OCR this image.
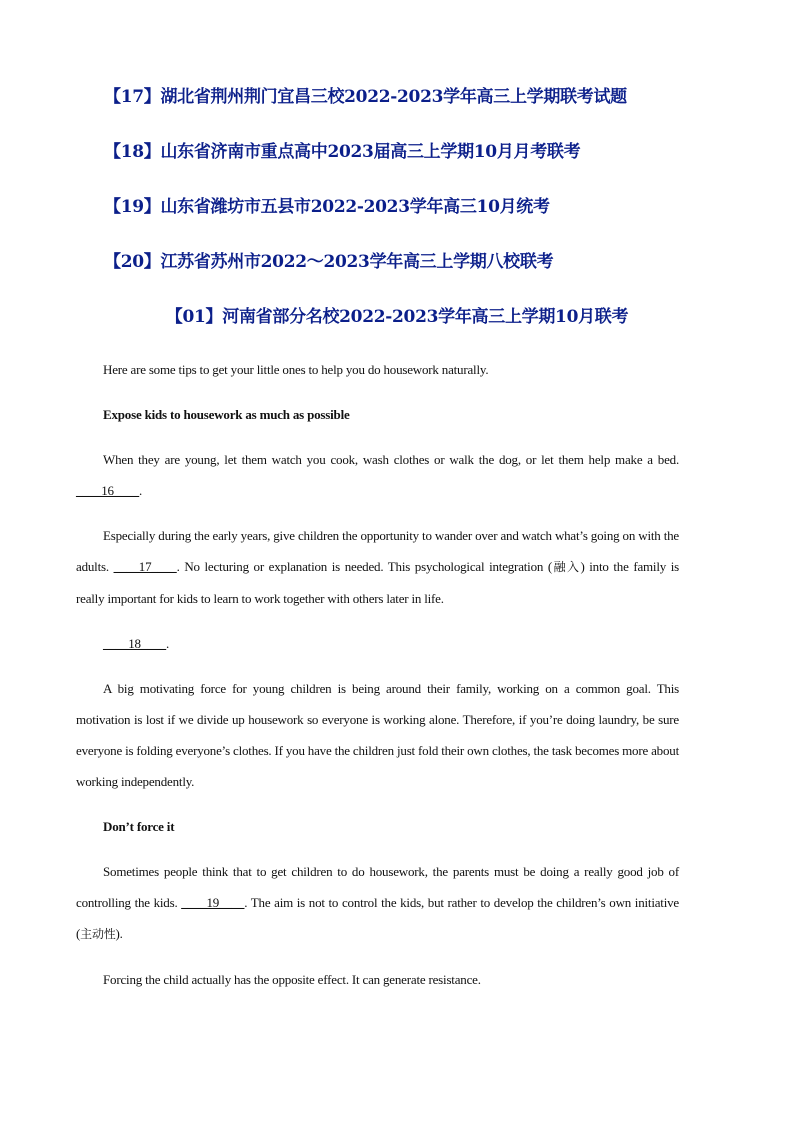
【17】湖北省荆州荆门宜昌三校2022-2023学年高三上学期联考试题
【18】山东省济南市重点高中2023届高三上学期10月月考联考
【19】山东省潍坊市五县市2022-2023学年高三10月统考
【20】江苏省苏州市2022～2023学年高三上学期八校联考
【01】河南省部分名校2022-2023学年高三上学期10月联考

Here are some tips to get your little ones to help you do housework naturally.

Expose kids to housework as much as possible

When they are young, let them watch you cook, wash clothes or walk the dog, or let them help make a bed. ____16____.

Especially during the early years, give children the opportunity to wander over and watch what’s going on with the adults. ____17____. No lecturing or explanation is needed. This psychological integration (融入) into the family is really important for kids to learn to work together with others later in life.

____18____.

A big motivating force for young children is being around their family, working on a common goal. This motivation is lost if we divide up housework so everyone is working alone. Therefore, if you’re doing laundry, be sure everyone is folding everyone’s clothes. If you have the children just fold their own clothes, the task becomes more about working independently.

Don’t force it

Sometimes people think that to get children to do housework, the parents must be doing a really good job of controlling the kids. ____19____. The aim is not to control the kids, but rather to develop the children’s own initiative (主动性).

Forcing the child actually has the opposite effect. It can generate resistance.
